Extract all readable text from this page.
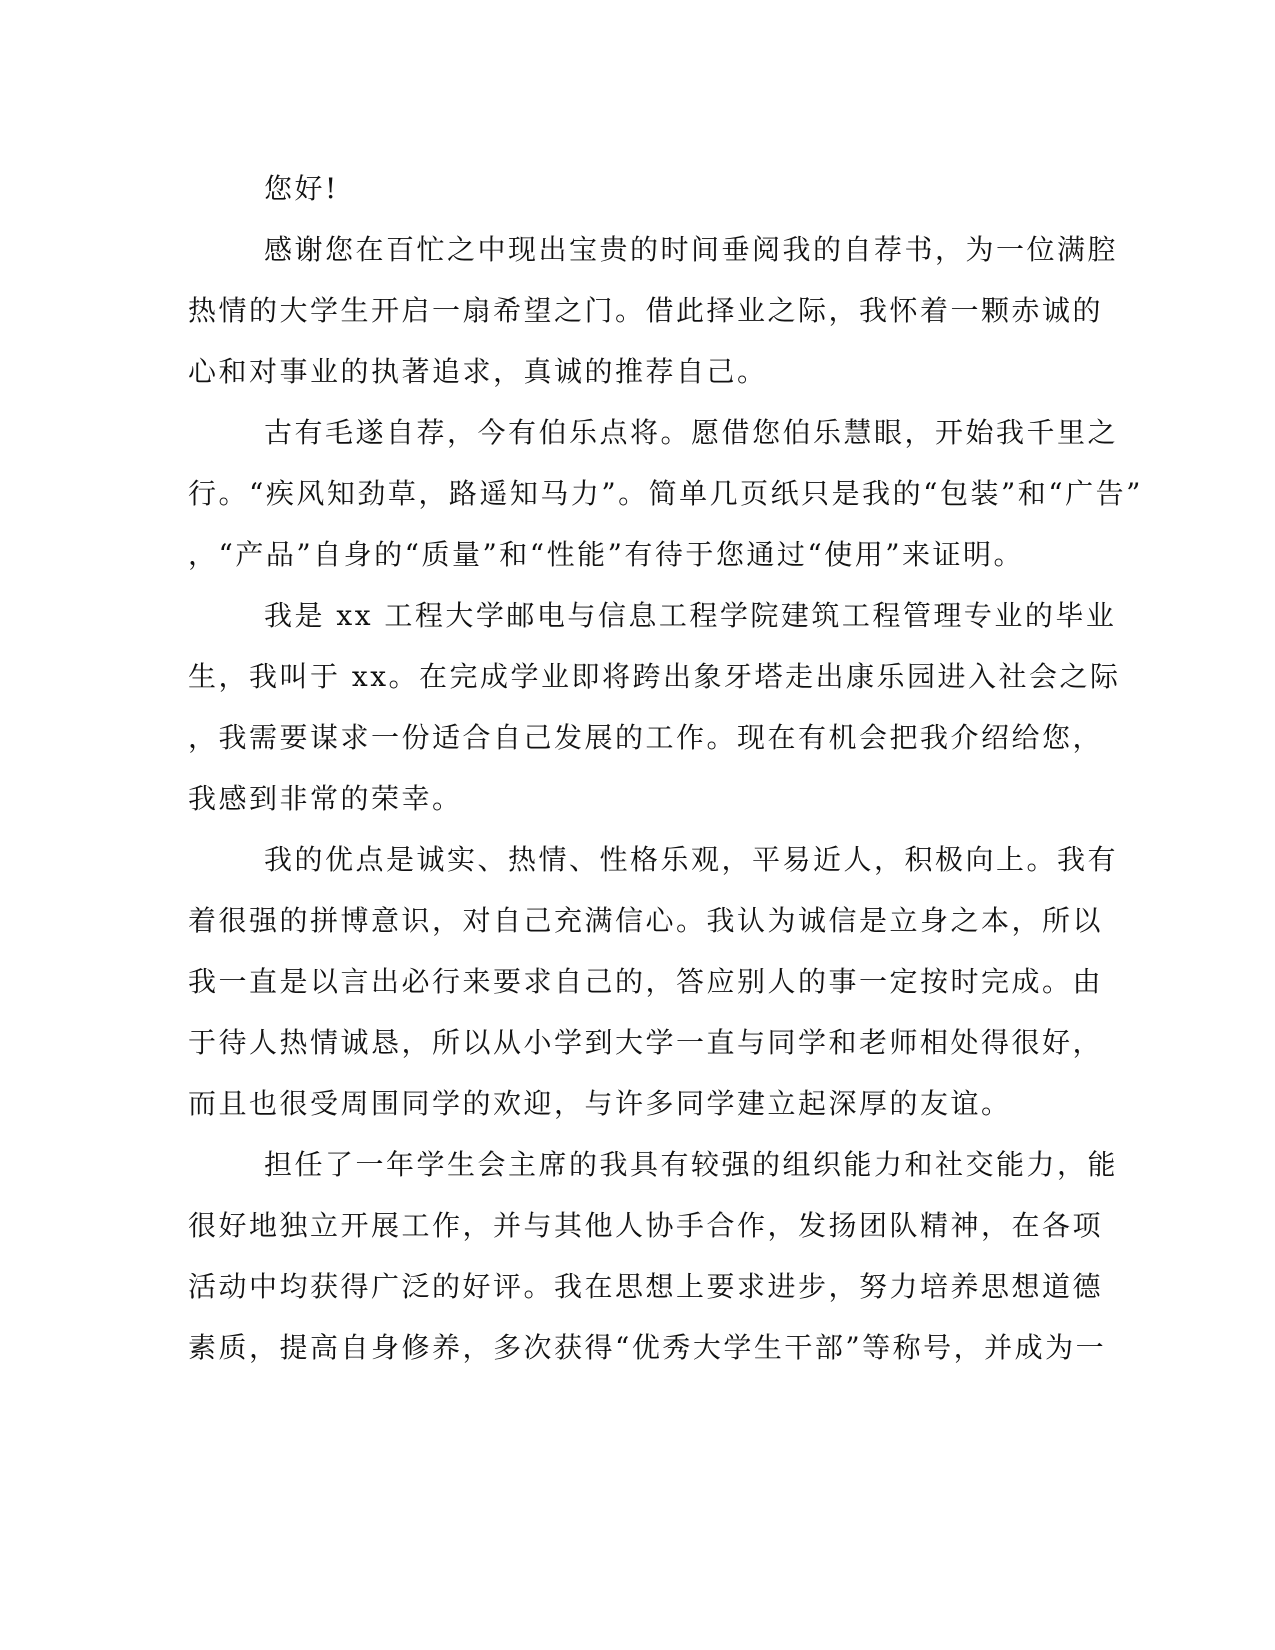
您好!
感谢您在百忙之中现出宝贵的时间垂阅我的自荐书，为一位满腔
热情的大学生开启一扇希望之门。借此择业之际，我怀着一颗赤诚的
心和对事业的执著追求，真诚的推荐自己。
古有毛遂自荐，今有伯乐点将。愿借您伯乐慧眼，开始我千里之
行。“疾风知劲草，路遥知马力”。简单几页纸只是我的“包装”和“广告”
，“产品”自身的“质量”和“性能”有待于您通过“使用”来证明。
我是 xx 工程大学邮电与信息工程学院建筑工程管理专业的毕业
生，我叫于 xx。在完成学业即将跨出象牙塔走出康乐园进入社会之际
，我需要谋求一份适合自己发展的工作。现在有机会把我介绍给您，
我感到非常的荣幸。
我的优点是诚实、热情、性格乐观，平易近人，积极向上。我有
着很强的拼博意识，对自己充满信心。我认为诚信是立身之本，所以
我一直是以言出必行来要求自己的，答应别人的事一定按时完成。由
于待人热情诚恳，所以从小学到大学一直与同学和老师相处得很好，
而且也很受周围同学的欢迎，与许多同学建立起深厚的友谊。
担任了一年学生会主席的我具有较强的组织能力和社交能力，能
很好地独立开展工作，并与其他人协手合作，发扬团队精神，在各项
活动中均获得广泛的好评。我在思想上要求进步，努力培养思想道德
素质，提高自身修养，多次获得“优秀大学生干部”等称号，并成为一
